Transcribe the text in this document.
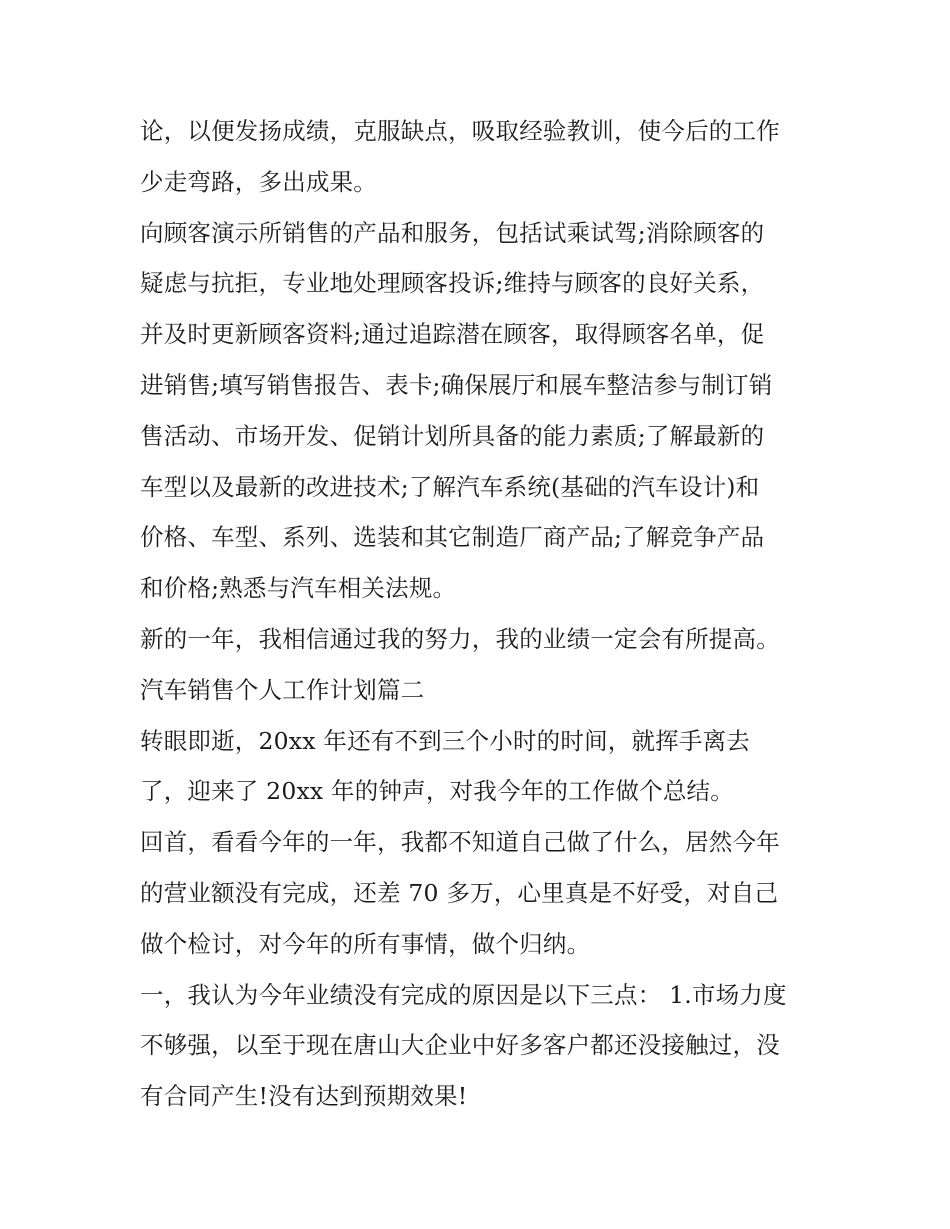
论，以便发扬成绩，克服缺点，吸取经验教训，使今后的工作
少走弯路，多出成果。
向顾客演示所销售的产品和服务，包括试乘试驾;消除顾客的
疑虑与抗拒，专业地处理顾客投诉;维持与顾客的良好关系，
并及时更新顾客资料;通过追踪潜在顾客，取得顾客名单，促
进销售;填写销售报告、表卡;确保展厅和展车整洁参与制订销
售活动、市场开发、促销计划所具备的能力素质;了解最新的
车型以及最新的改进技术;了解汽车系统(基础的汽车设计)和
价格、车型、系列、选装和其它制造厂商产品;了解竞争产品
和价格;熟悉与汽车相关法规。
新的一年，我相信通过我的努力，我的业绩一定会有所提高。
汽车销售个人工作计划篇二
转眼即逝，20xx 年还有不到三个小时的时间，就挥手离去
了，迎来了 20xx 年的钟声，对我今年的工作做个总结。
回首，看看今年的一年，我都不知道自己做了什么，居然今年
的营业额没有完成，还差 70 多万，心里真是不好受，对自己
做个检讨，对今年的所有事情，做个归纳。
一，我认为今年业绩没有完成的原因是以下三点： 1.市场力度
不够强，以至于现在唐山大企业中好多客户都还没接触过，没
有合同产生!没有达到预期效果!
